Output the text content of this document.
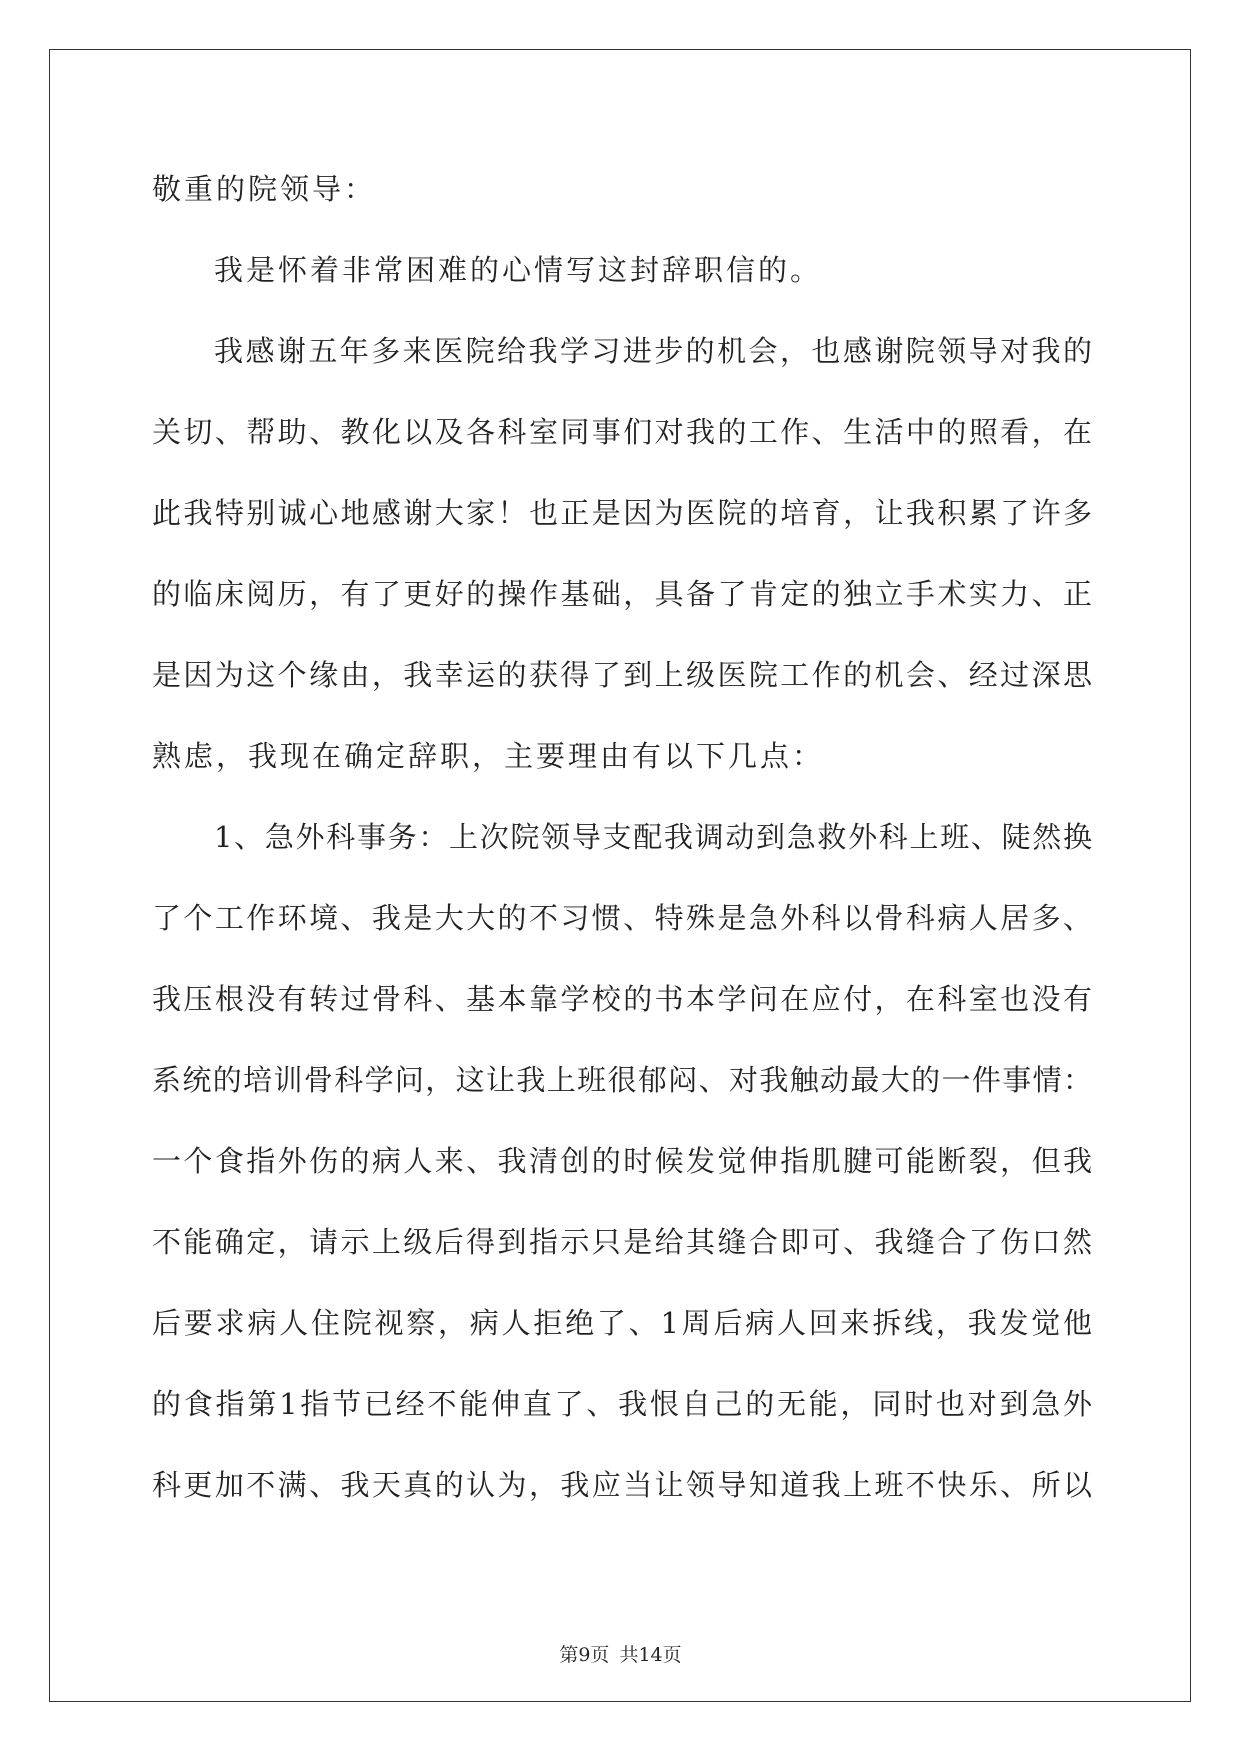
敬重的院领导：
我是怀着非常困难的心情写这封辞职信的。
我感谢五年多来医院给我学习进步的机会，也感谢院领导对我的
关切、帮助、教化以及各科室同事们对我的工作、生活中的照看，在
此我特别诚心地感谢大家！也正是因为医院的培育，让我积累了许多
的临床阅历，有了更好的操作基础，具备了肯定的独立手术实力、正
是因为这个缘由，我幸运的获得了到上级医院工作的机会、经过深思
熟虑，我现在确定辞职，主要理由有以下几点：
1、急外科事务：上次院领导支配我调动到急救外科上班、陡然换
了个工作环境、我是大大的不习惯、特殊是急外科以骨科病人居多、
我压根没有转过骨科、基本靠学校的书本学问在应付，在科室也没有
系统的培训骨科学问，这让我上班很郁闷、对我触动最大的一件事情：
一个食指外伤的病人来、我清创的时候发觉伸指肌腱可能断裂，但我
不能确定，请示上级后得到指示只是给其缝合即可、我缝合了伤口然
后要求病人住院视察，病人拒绝了、1周后病人回来拆线，我发觉他
的食指第1指节已经不能伸直了、我恨自己的无能，同时也对到急外
科更加不满、我天真的认为，我应当让领导知道我上班不快乐、所以
第9页 共14页
